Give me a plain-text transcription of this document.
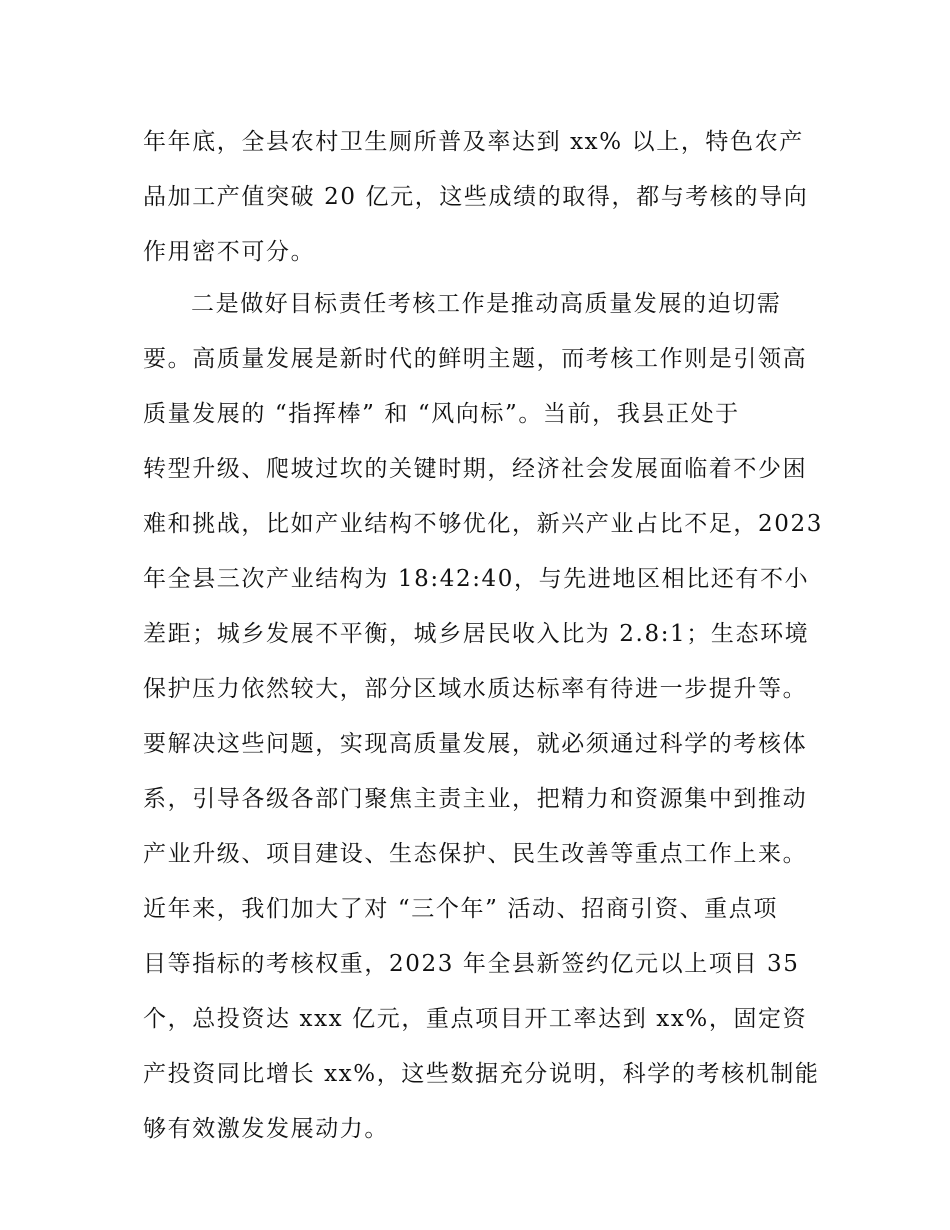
年年底，全县农村卫生厕所普及率达到 xx% 以上，特色农产
品加工产值突破 20 亿元，这些成绩的取得，都与考核的导向
作用密不可分。
二是做好目标责任考核工作是推动高质量发展的迫切需
要。高质量发展是新时代的鲜明主题，而考核工作则是引领高
质量发展的 “指挥棒” 和 “风向标”。当前，我县正处于
转型升级、爬坡过坎的关键时期，经济社会发展面临着不少困
难和挑战，比如产业结构不够优化，新兴产业占比不足，2023
年全县三次产业结构为 18:42:40，与先进地区相比还有不小
差距；城乡发展不平衡，城乡居民收入比为 2.8:1；生态环境
保护压力依然较大，部分区域水质达标率有待进一步提升等。
要解决这些问题，实现高质量发展，就必须通过科学的考核体
系，引导各级各部门聚焦主责主业，把精力和资源集中到推动
产业升级、项目建设、生态保护、民生改善等重点工作上来。
近年来，我们加大了对 “三个年” 活动、招商引资、重点项
目等指标的考核权重，2023 年全县新签约亿元以上项目 35
个，总投资达 xxx 亿元，重点项目开工率达到 xx%，固定资
产投资同比增长 xx%，这些数据充分说明，科学的考核机制能
够有效激发发展动力。
